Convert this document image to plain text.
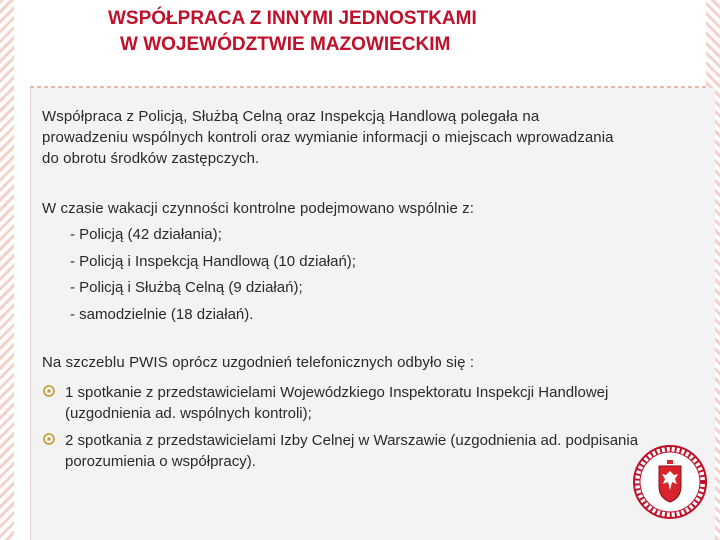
WSPÓŁPRACA Z INNYMI JEDNOSTKAMI
W WOJEWÓDZTWIE MAZOWIECKIM
Współpraca z Policją, Służbą Celną oraz Inspekcją Handlową polegała na prowadzeniu wspólnych kontroli oraz wymianie informacji o miejscach wprowadzania do obrotu środków zastępczych.
W czasie wakacji czynności kontrolne podejmowano wspólnie z:
- Policją (42 działania);
- Policją i Inspekcją Handlową (10 działań);
- Policją i Służbą Celną (9 działań);
- samodzielnie (18 działań).
Na szczeblu PWIS oprócz uzgodnień telefonicznych odbyło się :
1 spotkanie z przedstawicielami Wojewódzkiego Inspektoratu Inspekcji Handlowej (uzgodnienia ad. wspólnych kontroli);
2 spotkania z przedstawicielami Izby Celnej w Warszawie (uzgodnienia ad. podpisania porozumienia o współpracy).
